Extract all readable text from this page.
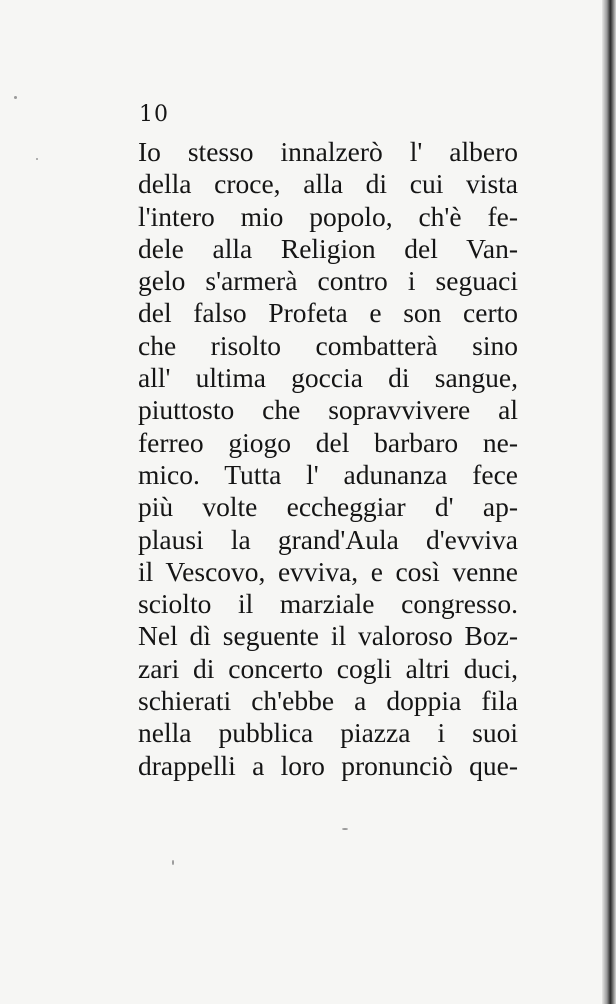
10
Io stesso innalzerò l' albero
della croce, alla di cui vista
l'intero mio popolo, ch'è fe-
dele alla Religion del Van-
gelo s'armerà contro i seguaci
del falso Profeta e son certo
che risolto combatterà sino
all' ultima goccia di sangue,
piuttosto che sopravvivere al
ferreo giogo del barbaro ne-
mico. Tutta l' adunanza fece
più volte eccheggiar d' ap-
plausi la grand'Aula d'evviva
il Vescovo, evviva, e così venne
sciolto il marziale congresso.
Nel dì seguente il valoroso Boz-
zari di concerto cogli altri duci,
schierati ch'ebbe a doppia fila
nella pubblica piazza i suoi
drappelli a loro pronunciò que-
